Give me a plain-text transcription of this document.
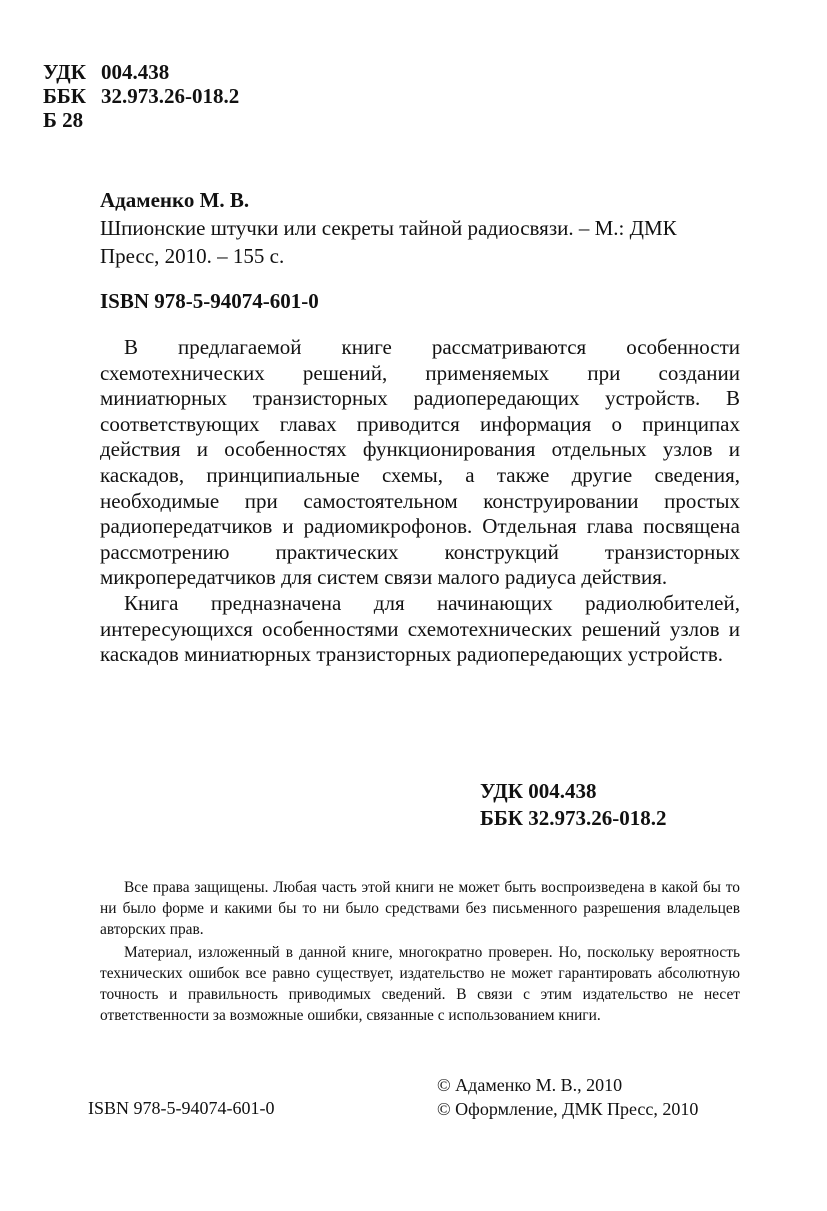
УДК 004.438
ББК 32.973.26-018.2
Б 28
Адаменко М. В.
Шпионские штучки или секреты тайной радиосвязи. – М.: ДМК
Пресс, 2010. – 155 с.
ISBN 978-5-94074-601-0

В предлагаемой книге рассматриваются особенности схемотехнических решений, применяемых при создании миниатюрных транзисторных радиопередающих устройств. В соответствующих главах приводится информация о принципах действия и особенностях функционирования отдельных узлов и каскадов, принципиальные схемы, а также другие сведения, необходимые при самостоятельном конструировании простых радиопередатчиков и радиомикрофонов. Отдельная глава посвящена рассмотрению практических конструкций транзисторных микропередатчиков для систем связи малого радиуса действия.

Книга предназначена для начинающих радиолюбителей, интересующихся особенностями схемотехнических решений узлов и каскадов миниатюрных транзисторных радиопередающих устройств.

УДК 004.438
ББК 32.973.26-018.2

Все права защищены. Любая часть этой книги не может быть воспроизведена в какой бы то ни было форме и какими бы то ни было средствами без письменного разрешения владельцев авторских прав.

Материал, изложенный в данной книге, многократно проверен. Но, поскольку вероятность технических ошибок все равно существует, издательство не может гарантировать абсолютную точность и правильность приводимых сведений. В связи с этим издательство не несет ответственности за возможные ошибки, связанные с использованием книги.

ISBN 978-5-94074-601-0
© Адаменко М. В., 2010
© Оформление, ДМК Пресс, 2010
